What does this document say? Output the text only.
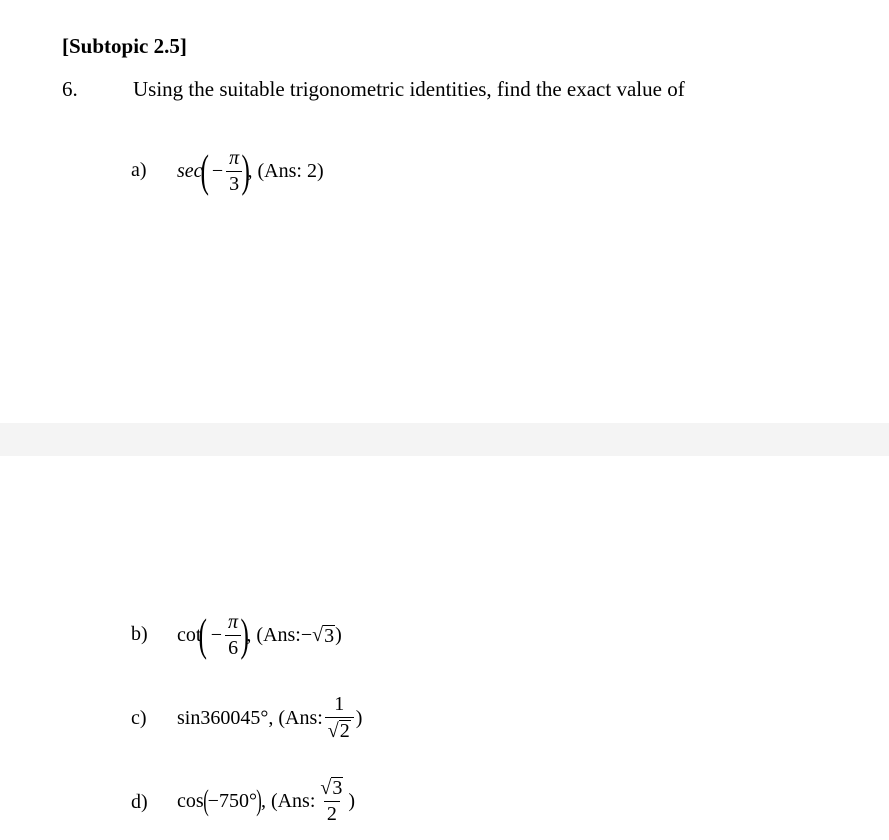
[Subtopic 2.5]
6.	Using the suitable trigonometric identities, find the exact value of
a) sec
( − $\frac{\pi}{3}$ )
, (Ans: 2)
b) cot
( − $\frac{\pi}{6}$ )
, (Ans: − √ 3 )
c) sin 360045° , (Ans: $\frac{1}{√ 2}$ )
d) cos ( −750° ) , (Ans: $\frac{√ 3}{2}$ )
